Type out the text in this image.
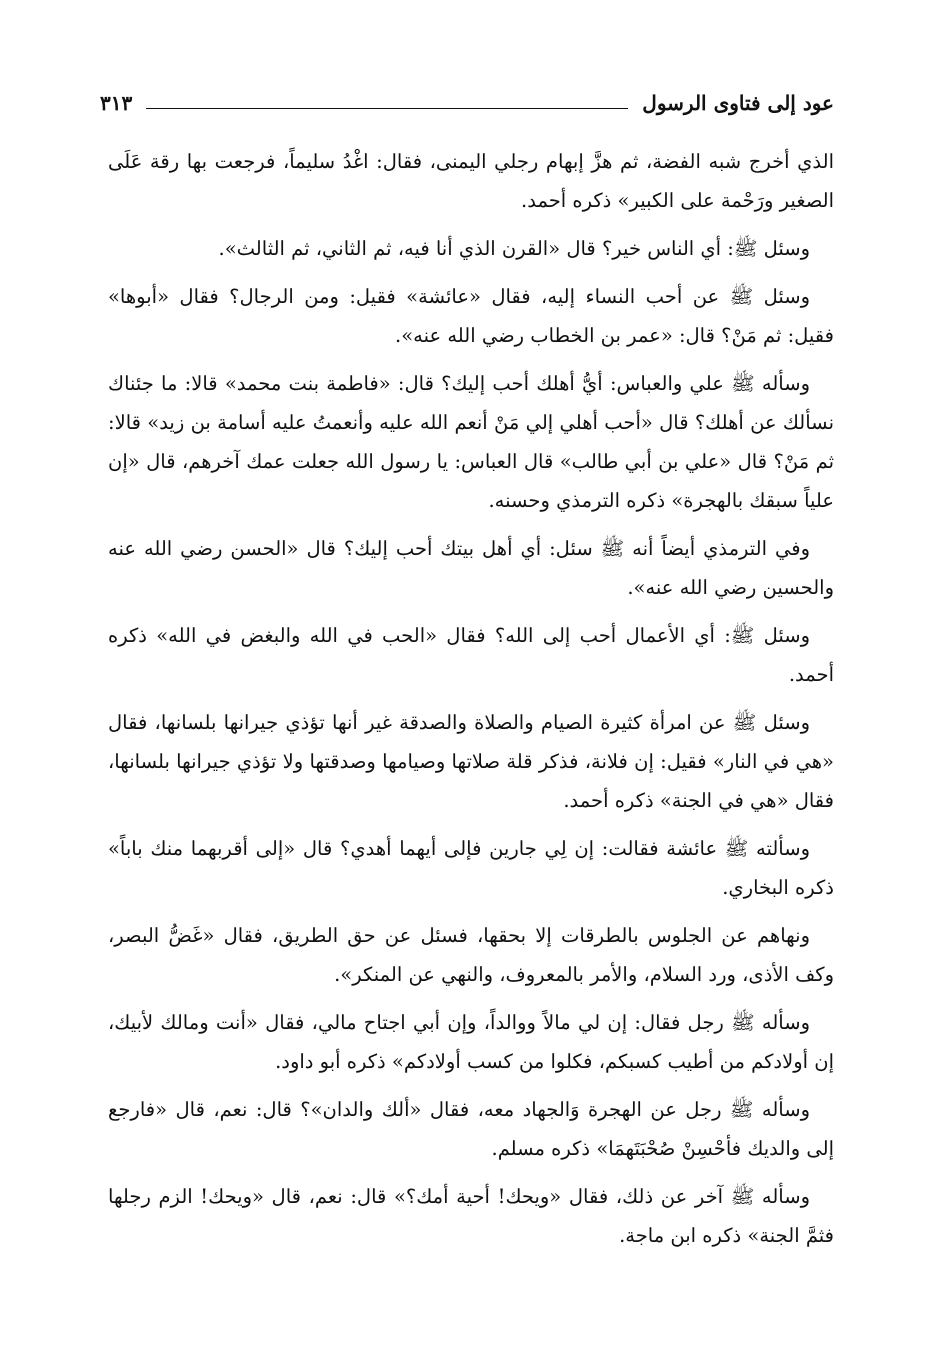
عود إلى فتاوى الرسول
٣١٣

الذي أخرج شبه الفضة، ثم هزَّ إبهام رجلي اليمنى، فقال: اغْدُ سليماً، فرجعت بها رقة عَلَى الصغير ورَحْمة على الكبير» ذكره أحمد.

وسئل ﷺ: أي الناس خير؟ قال «القرن الذي أنا فيه، ثم الثاني، ثم الثالث».

وسئل ﷺ عن أحب النساء إليه، فقال «عائشة» فقيل: ومن الرجال؟ فقال «أبوها» فقيل: ثم مَنْ؟ قال: «عمر بن الخطاب رضي الله عنه».

وسأله ﷺ علي والعباس: أيُّ أهلك أحب إليك؟ قال: «فاطمة بنت محمد» قالا: ما جئناك نسألك عن أهلك؟ قال «أحب أهلي إلي مَنْ أنعم الله عليه وأنعمتُ عليه أسامة بن زيد» قالا: ثم مَنْ؟ قال «علي بن أبي طالب» قال العباس: يا رسول الله جعلت عمك آخرهم، قال «إن علياً سبقك بالهجرة» ذكره الترمذي وحسنه.

وفي الترمذي أيضاً أنه ﷺ سئل: أي أهل بيتك أحب إليك؟ قال «الحسن رضي الله عنه والحسين رضي الله عنه».

وسئل ﷺ: أي الأعمال أحب إلى الله؟ فقال «الحب في الله والبغض في الله» ذكره أحمد.

وسئل ﷺ عن امرأة كثيرة الصيام والصلاة والصدقة غير أنها تؤذي جيرانها بلسانها، فقال «هي في النار» فقيل: إن فلانة، فذكر قلة صلاتها وصيامها وصدقتها ولا تؤذي جيرانها بلسانها، فقال «هي في الجنة» ذكره أحمد.

وسألته ﷺ عائشة فقالت: إن لِي جارين فإلى أيهما أهدي؟ قال «إلى أقربهما منك باباً» ذكره البخاري.

ونهاهم عن الجلوس بالطرقات إلا بحقها، فسئل عن حق الطريق، فقال «غَضُّ البصر، وكف الأذى، ورد السلام، والأمر بالمعروف، والنهي عن المنكر».

وسأله ﷺ رجل فقال: إن لي مالاً ووالداً، وإن أبي اجتاح مالي، فقال «أنت ومالك لأبيك، إن أولادكم من أطيب كسبكم، فكلوا من كسب أولادكم» ذكره أبو داود.

وسأله ﷺ رجل عن الهجرة وَالجهاد معه، فقال «ألك والدان»؟ قال: نعم، قال «فارجع إلى والديك فأحْسِنْ صُحْبَتَهمَا» ذكره مسلم.

وسأله ﷺ آخر عن ذلك، فقال «ويحك! أحية أمك؟» قال: نعم، قال «ويحك! الزم رجلها فثمَّ الجنة» ذكره ابن ماجة.
